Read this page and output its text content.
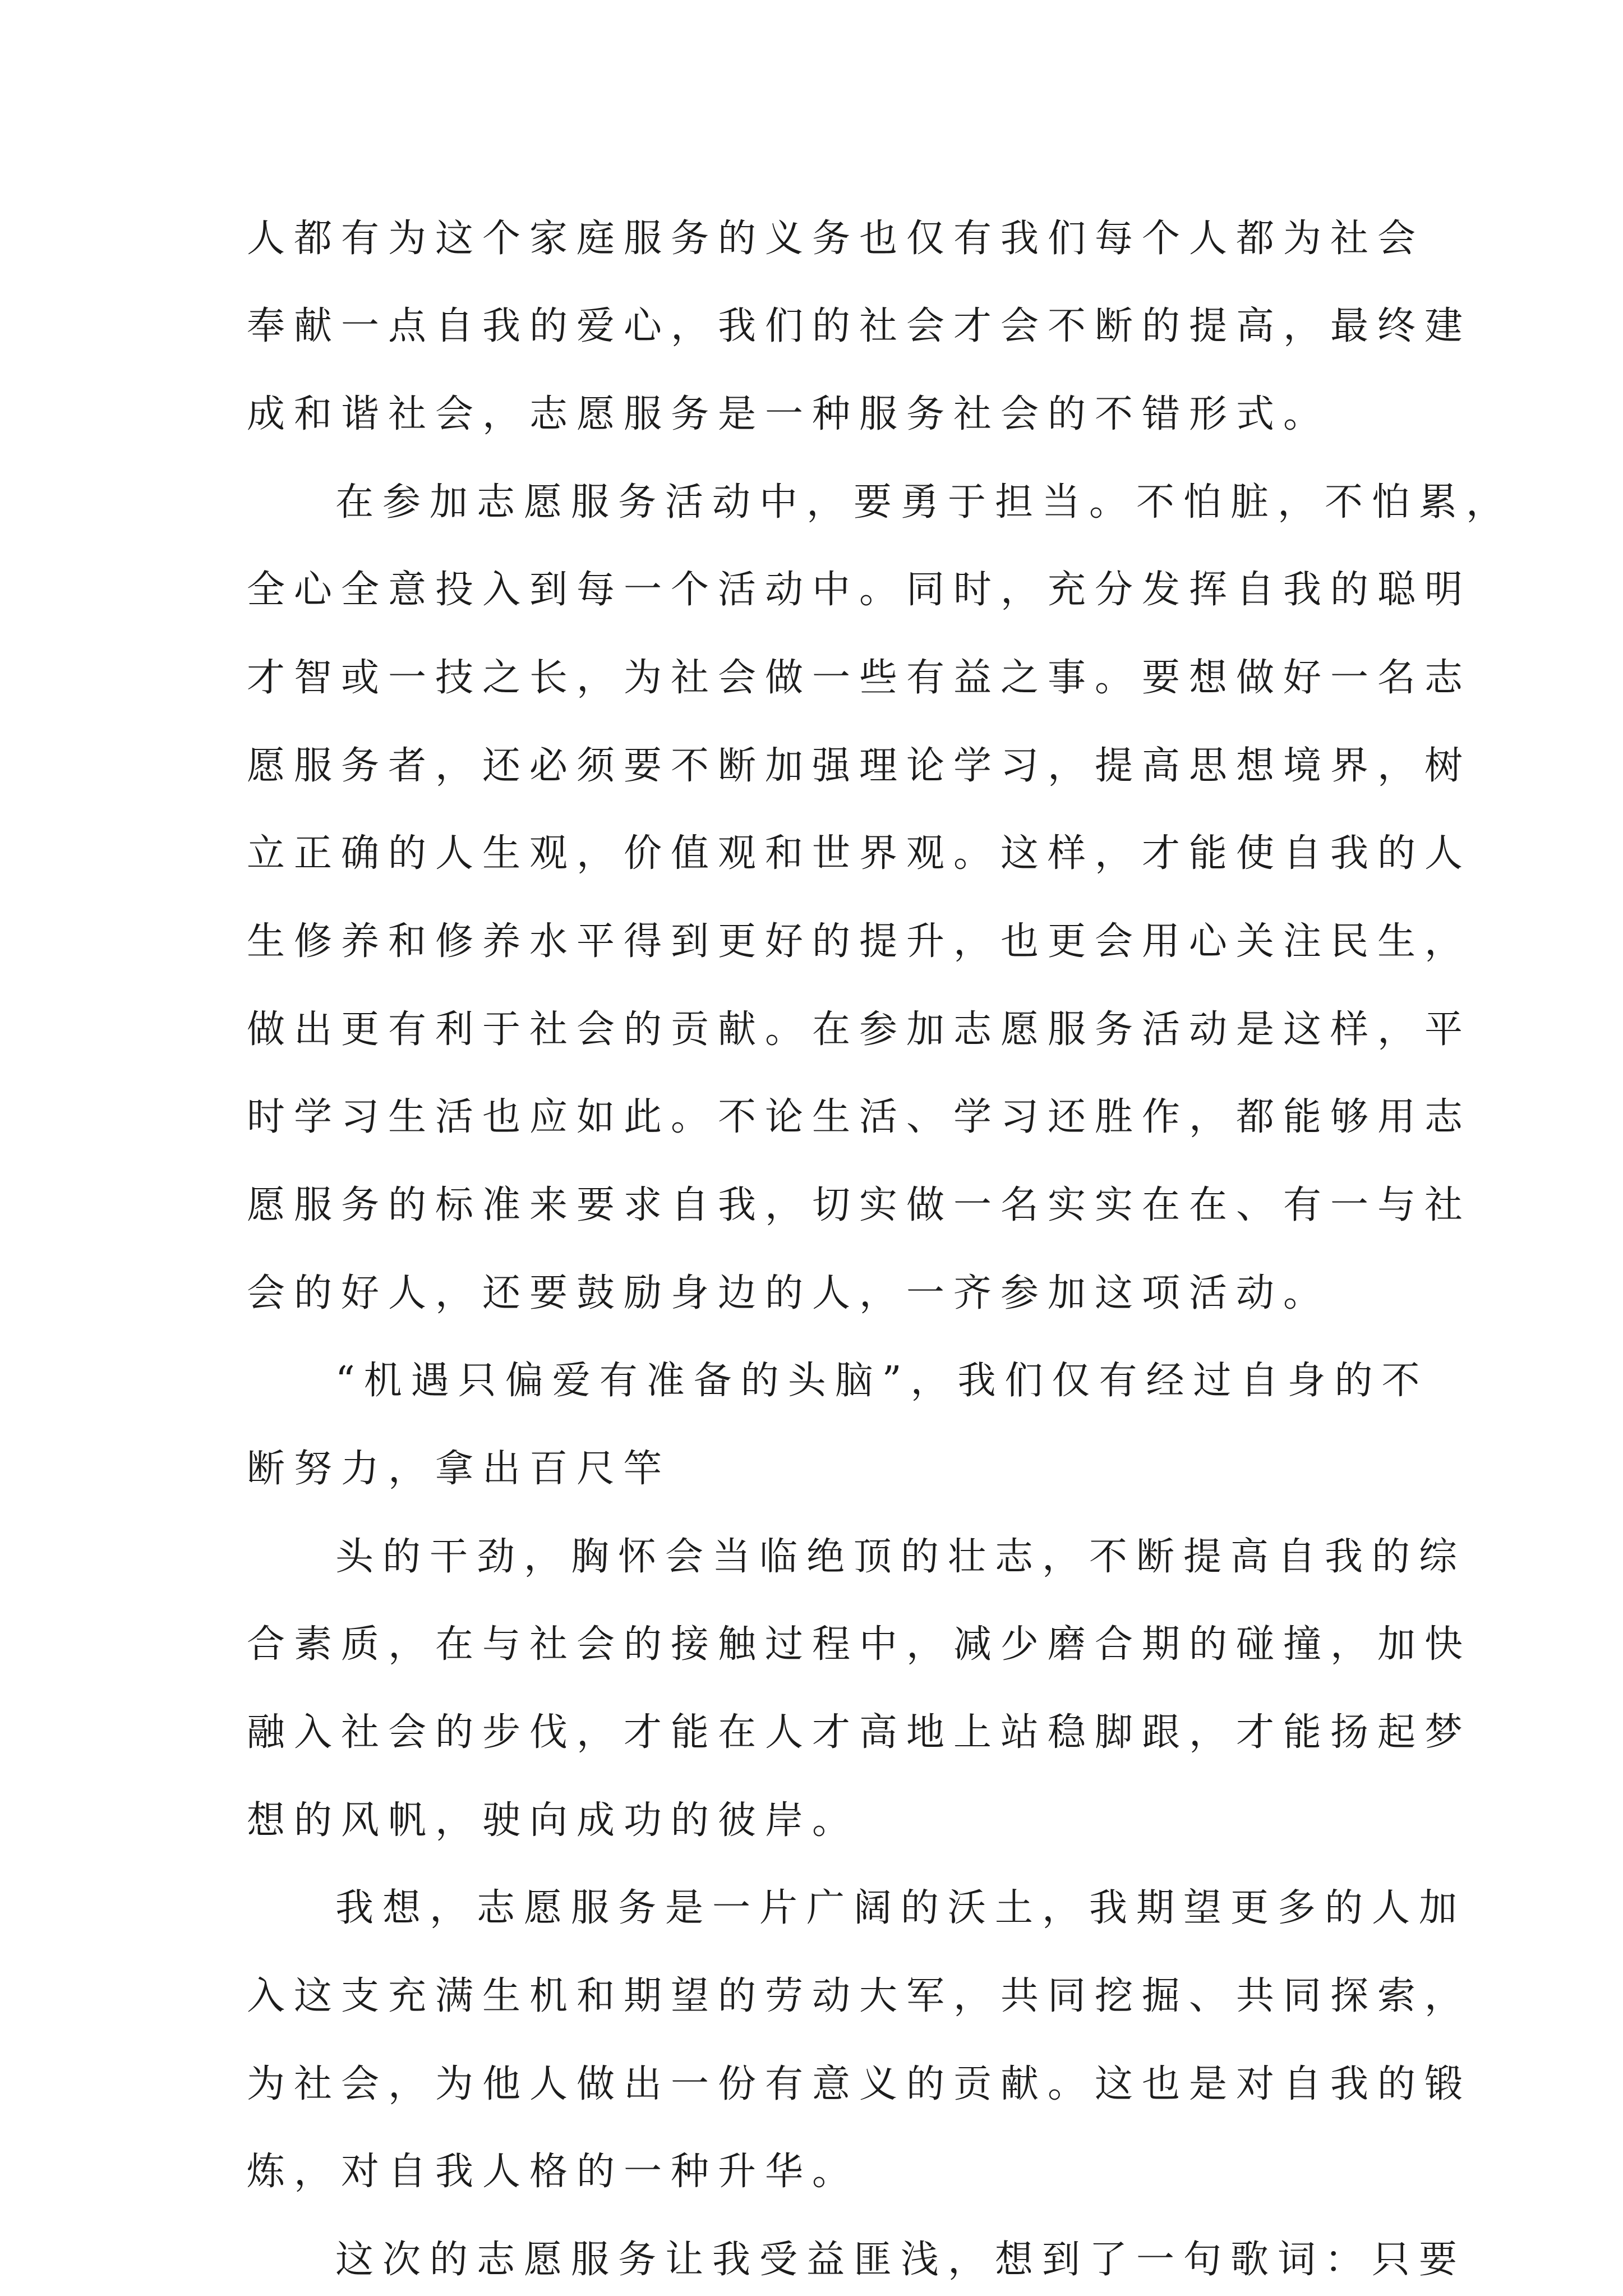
人都有为这个家庭服务的义务也仅有我们每个人都为社会
奉献一点自我的爱心，我们的社会才会不断的提高，最终建
成和谐社会，志愿服务是一种服务社会的不错形式。
在参加志愿服务活动中，要勇于担当。不怕脏，不怕累，
全心全意投入到每一个活动中。同时，充分发挥自我的聪明
才智或一技之长，为社会做一些有益之事。要想做好一名志
愿服务者，还必须要不断加强理论学习，提高思想境界，树
立正确的人生观，价值观和世界观。这样，才能使自我的人
生修养和修养水平得到更好的提升，也更会用心关注民生，
做出更有利于社会的贡献。在参加志愿服务活动是这样，平
时学习生活也应如此。不论生活、学习还胜作，都能够用志
愿服务的标准来要求自我，切实做一名实实在在、有一与社
会的好人，还要鼓励身边的人，一齐参加这项活动。
“机遇只偏爱有准备的头脑”，我们仅有经过自身的不
断努力，拿出百尺竿
头的干劲，胸怀会当临绝顶的壮志，不断提高自我的综
合素质，在与社会的接触过程中，减少磨合期的碰撞，加快
融入社会的步伐，才能在人才高地上站稳脚跟，才能扬起梦
想的风帆，驶向成功的彼岸。
我想，志愿服务是一片广阔的沃土，我期望更多的人加
入这支充满生机和期望的劳动大军，共同挖掘、共同探索，
为社会，为他人做出一份有意义的贡献。这也是对自我的锻
炼，对自我人格的一种升华。
这次的志愿服务让我受益匪浅，想到了一句歌词：只要
